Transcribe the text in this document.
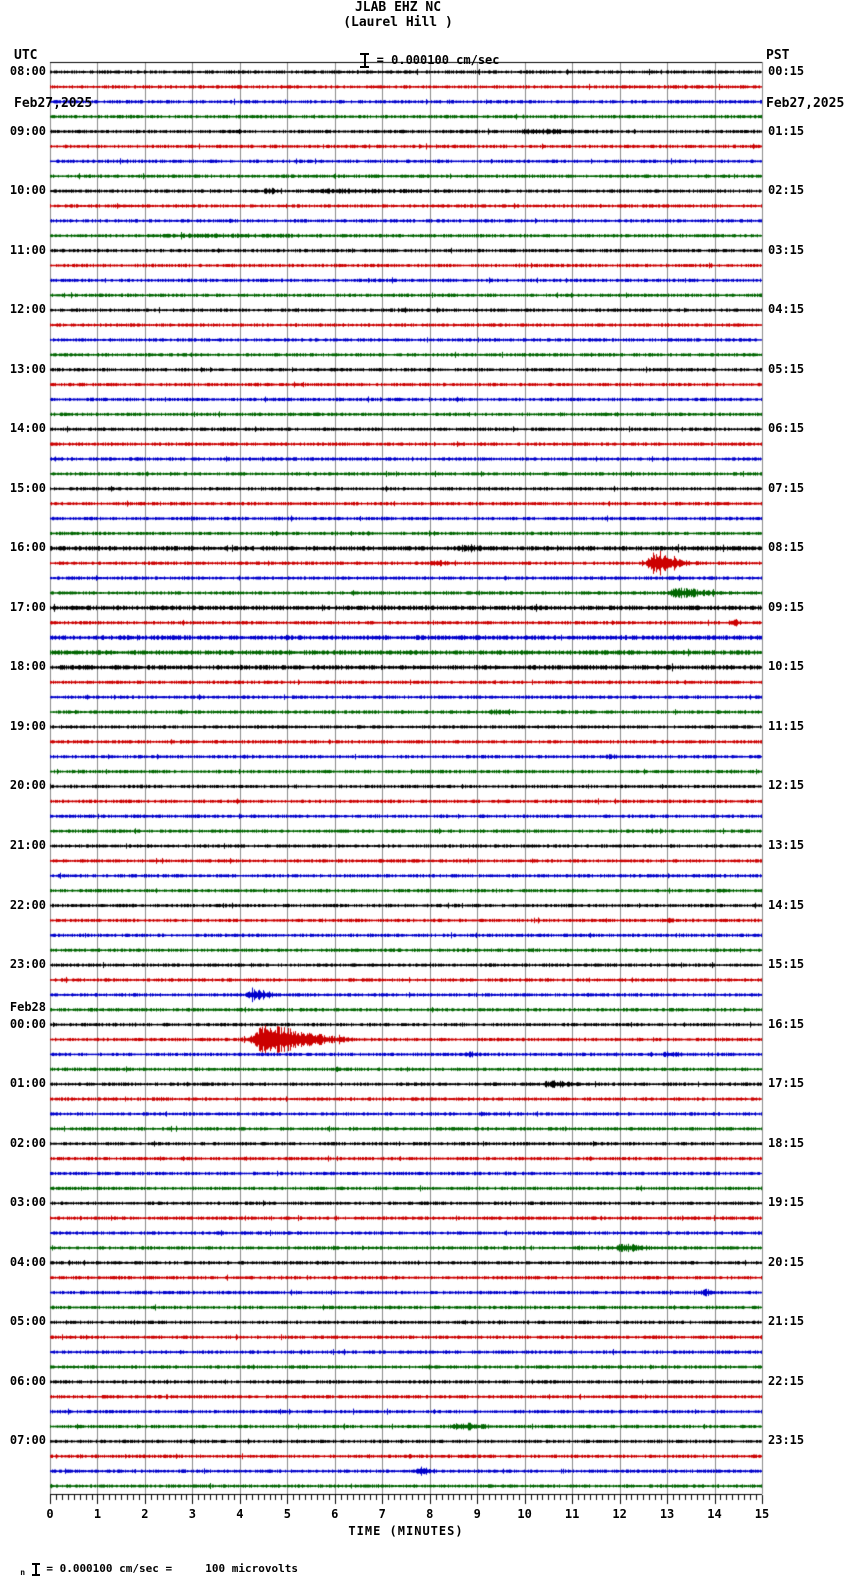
UTC

Feb27,2025

JLAB EHZ NC
(Laurel Hill )

PST

Feb27,2025

= 0.000100 cm/sec

08:00
09:00
10:00
11:00
12:00
13:00
14:00
15:00
16:00
17:00
18:00
19:00
20:00
21:00
22:00
23:00
00:00
Feb28
01:00
02:00
03:00
04:00
05:00
06:00
07:00
00:15
01:15
02:15
03:15
04:15
05:15
06:15
07:15
08:15
09:15
10:15
11:15
12:15
13:15
14:15
15:15
16:15
17:15
18:15
19:15
20:15
21:15
22:15
23:15
0	1	2	3	4	5	6	7	8	9	10	11	12	13	14	15
TIME (MINUTES)

$_n$  = 0.000100 cm/sec =     100 microvolts
